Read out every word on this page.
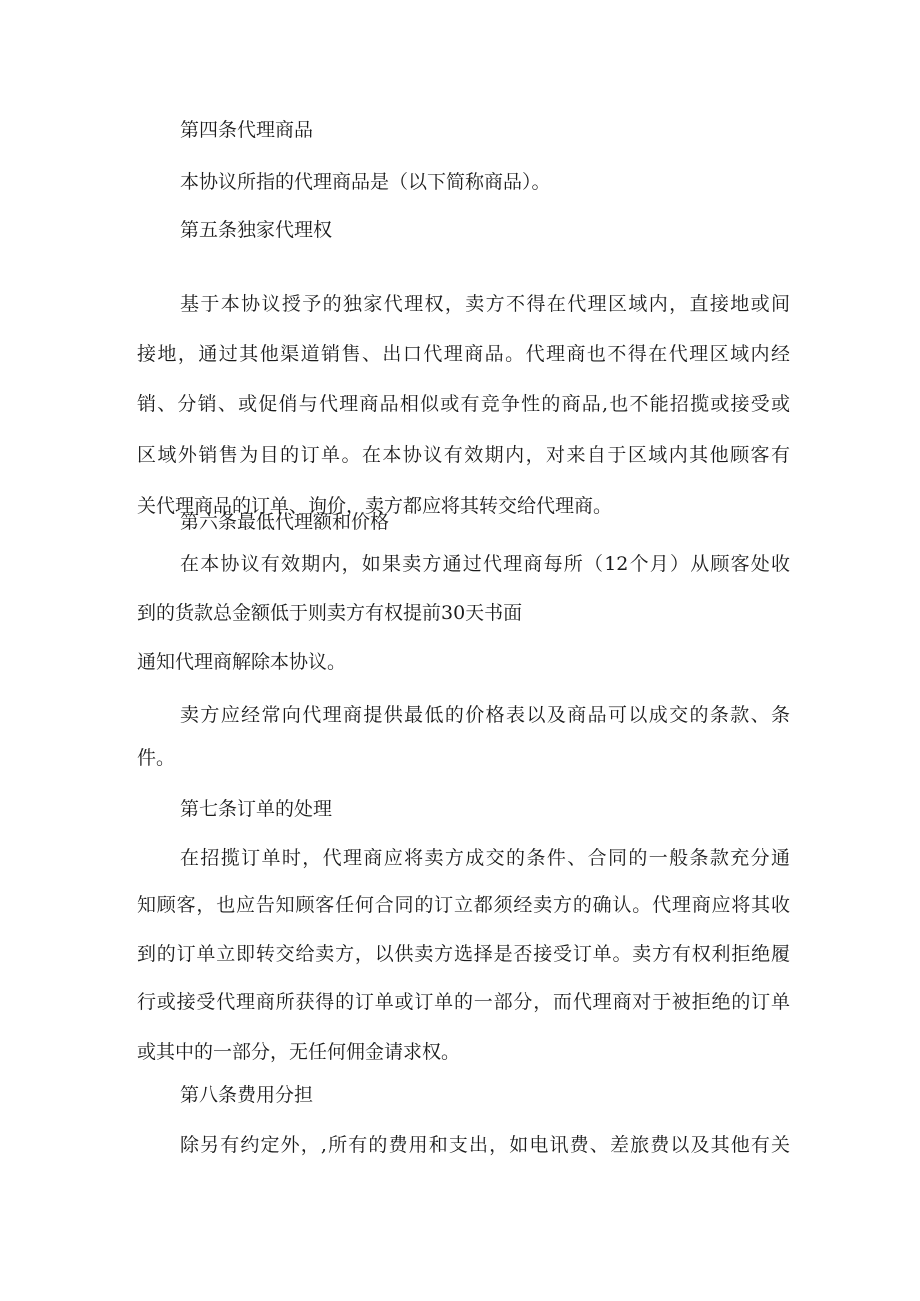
第四条代理商品

本协议所指的代理商品是（以下简称商品）。

第五条独家代理权

基于本协议授予的独家代理权，卖方不得在代理区域内，直接地或间

接地，通过其他渠道销售、出口代理商品。代理商也不得在代理区域内经

销、分销、或促俏与代理商品相似或有竞争性的商品,也不能招揽或接受或

区域外销售为目的订单。在本协议有效期内，对来自于区域内其他顾客有

关代理商品的订单、询价，卖方都应将其转交给代理商。

第六条最低代理额和价格

在本协议有效期内，如果卖方通过代理商每所（12个月）从顾客处收

到的货款总金额低于则卖方有权提前30天书面

通知代理商解除本协议。

卖方应经常向代理商提供最低的价格表以及商品可以成交的条款、条

件。

第七条订单的处理

在招揽订单时，代理商应将卖方成交的条件、合同的一般条款充分通

知顾客，也应告知顾客任何合同的订立都须经卖方的确认。代理商应将其收

到的订单立即转交给卖方，以供卖方选择是否接受订单。卖方有权利拒绝履

行或接受代理商所获得的订单或订单的一部分，而代理商对于被拒绝的订单

或其中的一部分，无任何佣金请求权。

第八条费用分担

除另有约定外，,所有的费用和支出，如电讯费、差旅费以及其他有关
